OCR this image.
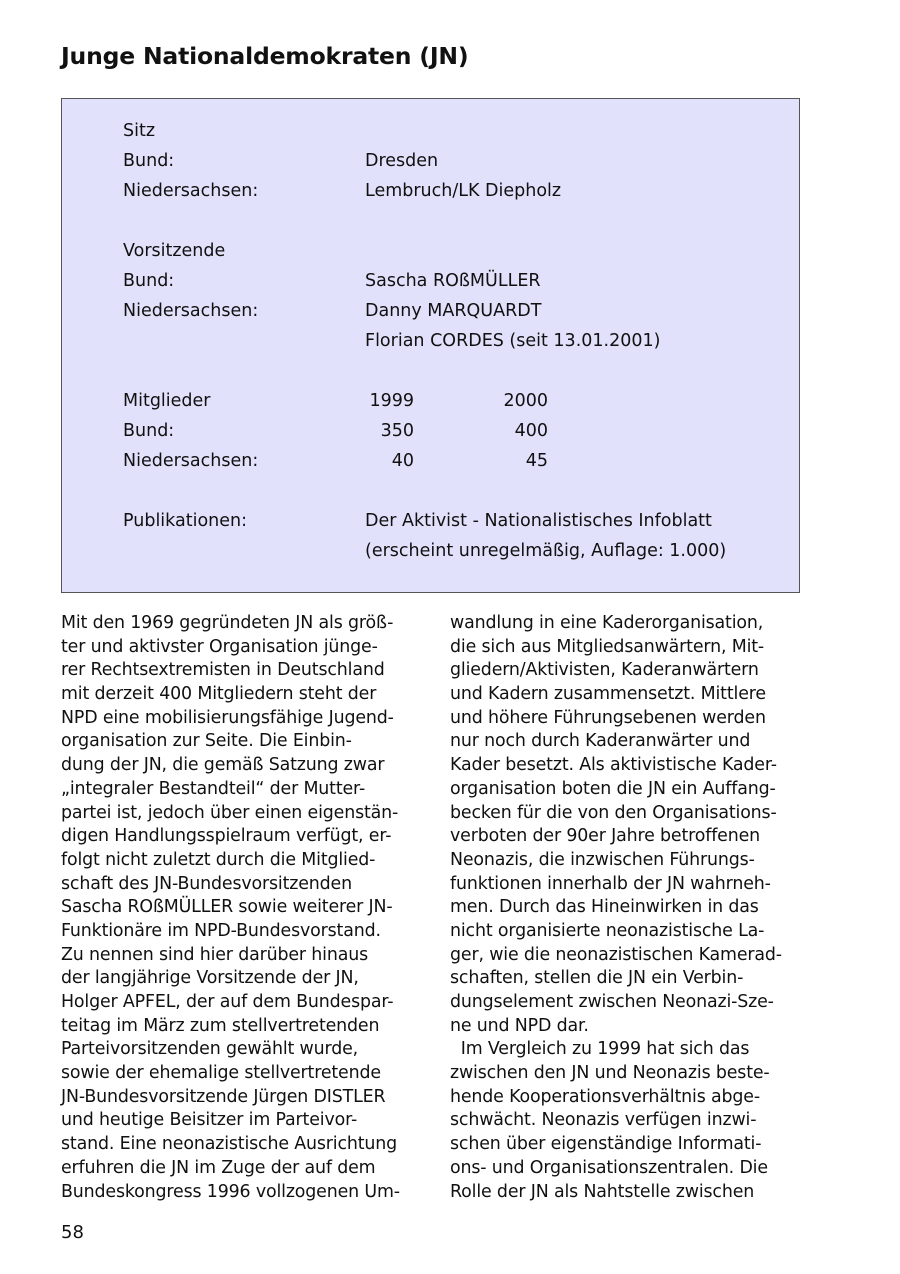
Junge Nationaldemokraten (JN)
Sitz
Bund:	Dresden
Niedersachsen:	Lembruch/LK Diepholz
Vorsitzende
Bund:	Sascha ROßMÜLLER
Niedersachsen:	Danny MARQUARDT
Florian CORDES (seit 13.01.2001)
Mitglieder	1999	2000
Bund:	350	400
Niedersachsen:	40	45
Publikationen:	Der Aktivist - Nationalistisches Infoblatt
(erscheint unregelmäßig, Auflage: 1.000)
Mit den 1969 gegründeten JN als größ-
ter und aktivster Organisation jünge-
rer Rechtsextremisten in Deutschland
mit derzeit 400 Mitgliedern steht der
NPD eine mobilisierungsfähige Jugend-
organisation zur Seite. Die Einbin-
dung der JN, die gemäß Satzung zwar
„integraler Bestandteil“ der Mutter-
partei ist, jedoch über einen eigenstän-
digen Handlungsspielraum verfügt, er-
folgt nicht zuletzt durch die Mitglied-
schaft des JN-Bundesvorsitzenden
Sascha ROßMÜLLER sowie weiterer JN-
Funktionäre im NPD-Bundesvorstand.
Zu nennen sind hier darüber hinaus
der langjährige Vorsitzende der JN,
Holger APFEL, der auf dem Bundespar-
teitag im März zum stellvertretenden
Parteivorsitzenden gewählt wurde,
sowie der ehemalige stellvertretende
JN-Bundesvorsitzende Jürgen DISTLER
und heutige Beisitzer im Parteivor-
stand. Eine neonazistische Ausrichtung
erfuhren die JN im Zuge der auf dem
Bundeskongress 1996 vollzogenen Um-
wandlung in eine Kaderorganisation,
die sich aus Mitgliedsanwärtern, Mit-
gliedern/Aktivisten, Kaderanwärtern
und Kadern zusammensetzt. Mittlere
und höhere Führungsebenen werden
nur noch durch Kaderanwärter und
Kader besetzt. Als aktivistische Kader-
organisation boten die JN ein Auffang-
becken für die von den Organisations-
verboten der 90er Jahre betroffenen
Neonazis, die inzwischen Führungs-
funktionen innerhalb der JN wahrneh-
men. Durch das Hineinwirken in das
nicht organisierte neonazistische La-
ger, wie die neonazistischen Kamerad-
schaften, stellen die JN ein Verbin-
dungselement zwischen Neonazi-Sze-
ne und NPD dar.
Im Vergleich zu 1999 hat sich das
zwischen den JN und Neonazis beste-
hende Kooperationsverhältnis abge-
schwächt. Neonazis verfügen inzwi-
schen über eigenständige Informati-
ons- und Organisationszentralen. Die
Rolle der JN als Nahtstelle zwischen
58
